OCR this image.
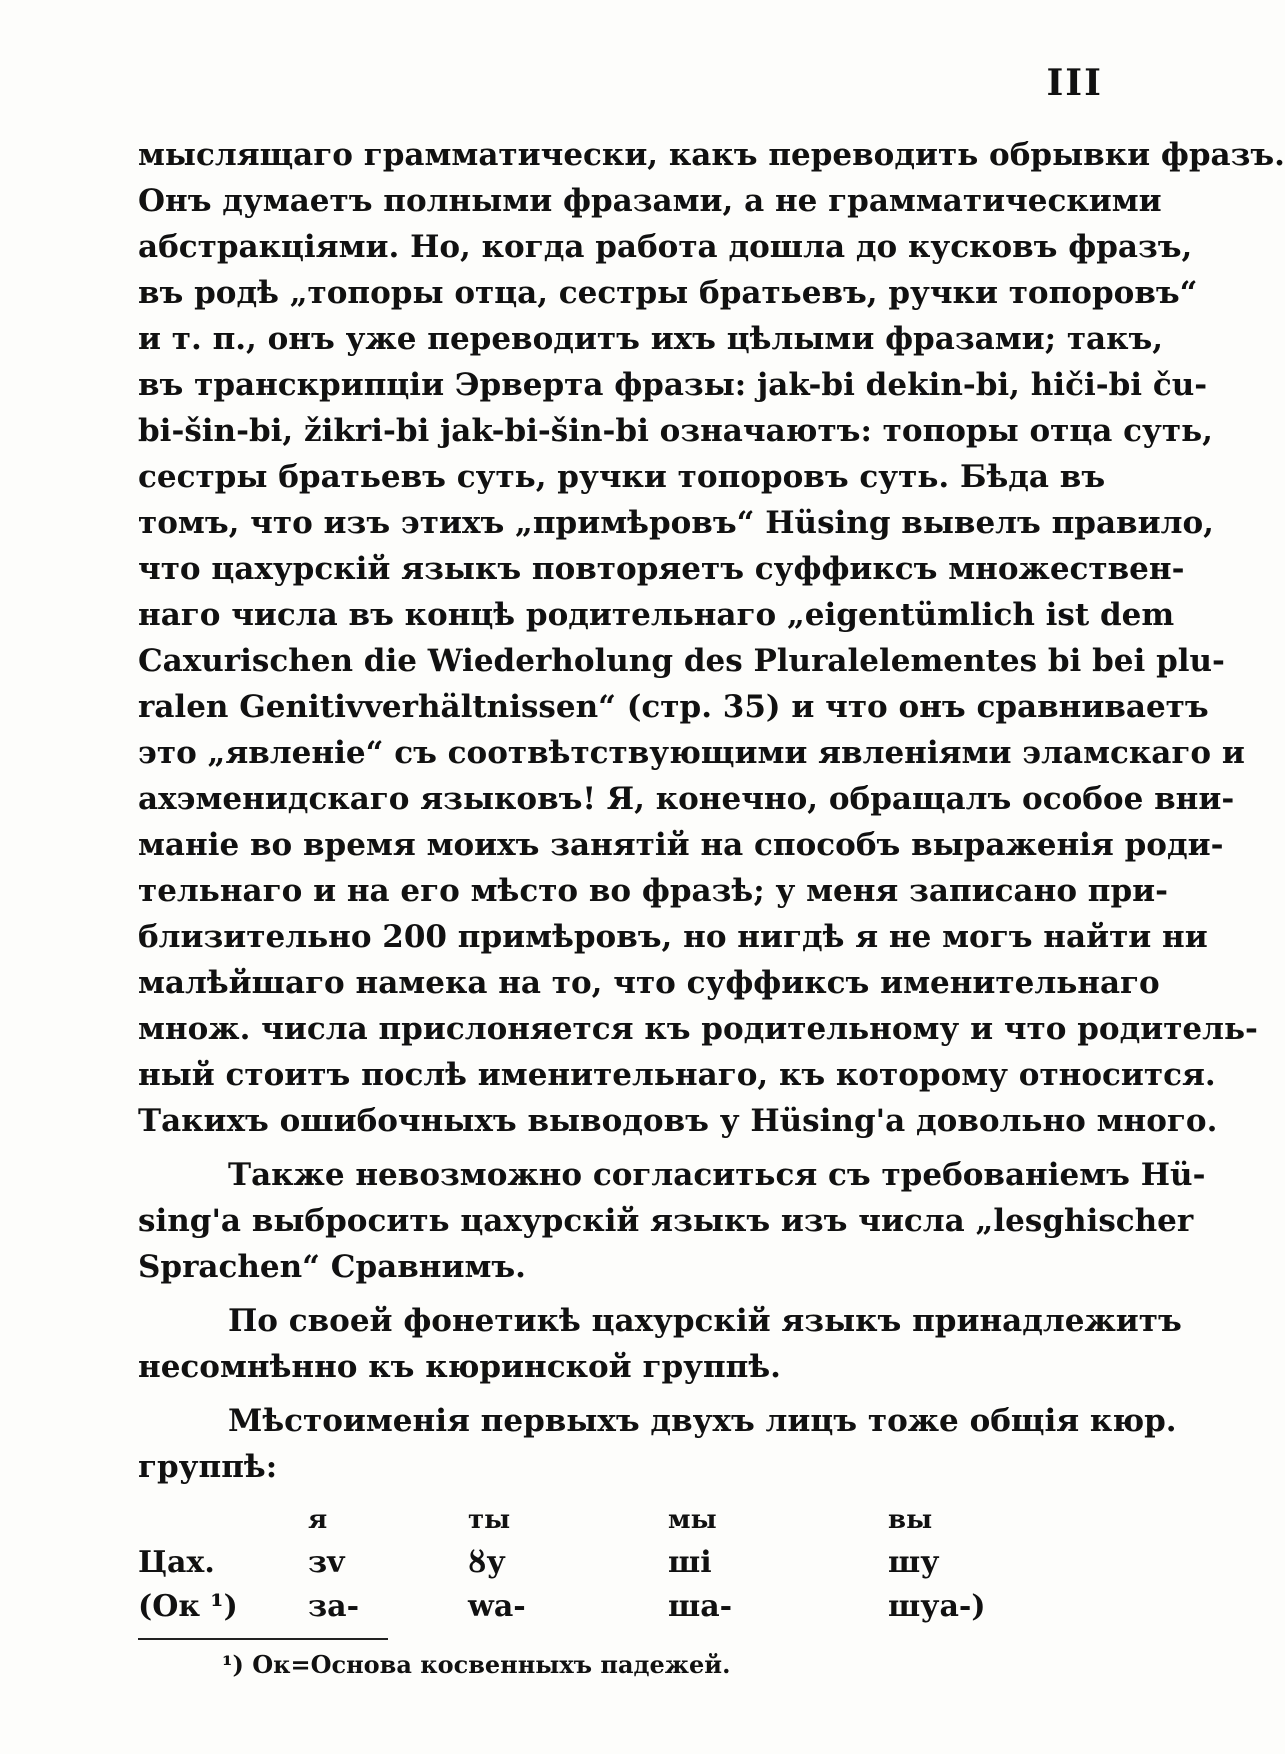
III
мыслящаго грамматически, какъ переводить обрывки фразъ.
Онъ думаетъ полными фразами, а не грамматическими
абстракціями. Но, когда работа дошла до кусковъ фразъ,
въ родѣ „топоры отца, сестры братьевъ, ручки топоровъ“
и т. п., онъ уже переводитъ ихъ цѣлыми фразами; такъ,
въ транскрипціи Эрверта фразы: jak-bi dekin-bi, hiči-bi ču-
bi-šin-bi, žikri-bi jak-bi-šin-bi означаютъ: топоры отца суть,
сестры братьевъ суть, ручки топоровъ суть. Бѣда въ
томъ, что изъ этихъ „примѣровъ“ Hüsing вывелъ правило,
что цахурскій языкъ повторяетъ суффиксъ множествен-
наго числа въ концѣ родительнаго „eigentümlich ist dem
Caxurischen die Wiederholung des Pluralelementes bi bei plu-
ralen Genitivverhältnissen“ (стр. 35) и что онъ сравниваетъ
это „явленіе“ съ соотвѣтствующими явленіями эламскаго и
ахэменидскаго языковъ! Я, конечно, обращалъ особое вни-
маніе во время моихъ занятій на способъ выраженія роди-
тельнаго и на его мѣсто во фразѣ; у меня записано при-
близительно 200 примѣровъ, но нигдѣ я не могъ найти ни
малѣйшаго намека на то, что суффиксъ именительнаго
множ. числа прислоняется къ родительному и что родитель-
ный стоитъ послѣ именительнаго, къ которому относится.
Такихъ ошибочныхъ выводовъ у Hüsing'а довольно много.
Также невозможно согласиться съ требованіемъ Hü-
sing'а выбросить цахурскій языкъ изъ числа „lesghischer
Sprachen“ Сравнимъ.
По своей фонетикѣ цахурскій языкъ принадлежитъ
несомнѣнно къ кюринской группѣ.
Мѣстоименія первыхъ двухъ лицъ тоже общія кюр.
группѣ:
	я	ты	мы	вы
Цах.	зv	ȣу	ші	шу
(Ок ¹)	за-	wa-	ша-	шуа-)
¹) Ок=Основа косвенныхъ падежей.
